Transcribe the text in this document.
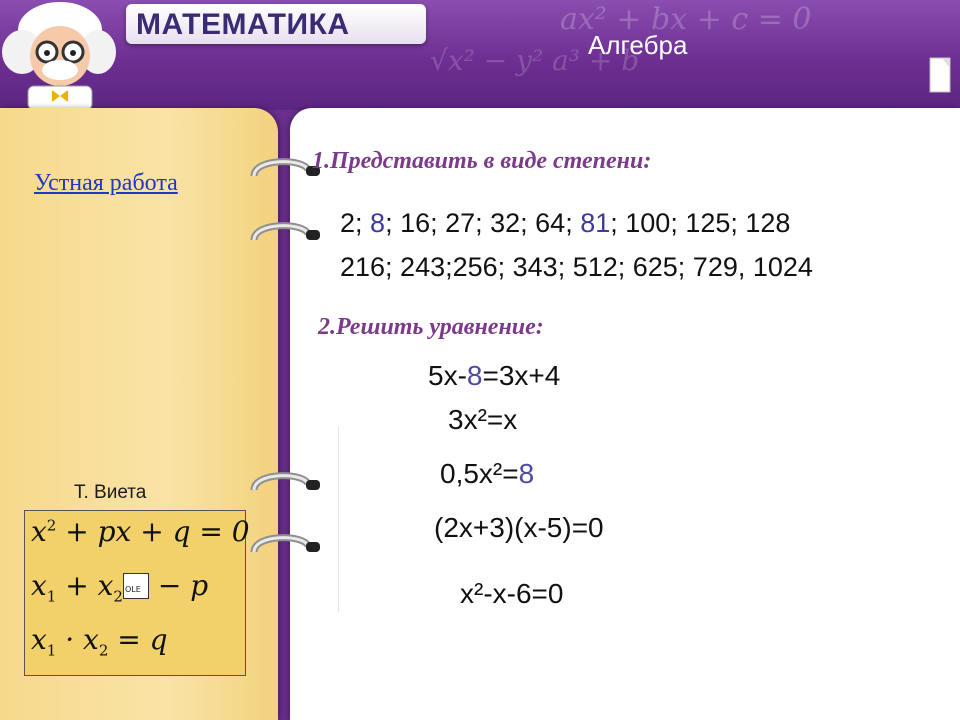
ax² + bx + c = 0
√x² − y² a³ + b
МАТЕМАТИКА
Алгебра
Устная работа
Т. Виета
$x^2$ + px + q = 0
$x_1 + x_2OLE - p$
$x_1 \cdot x_2 = q$
1.Представить в виде степени:
2; 8; 16; 27; 32; 64; 81; 100; 125; 128
216; 243;256; 343; 512; 625; 729, 1024
2.Решить уравнение:
5x-8=3x+4
3x²=x
0,5x²=8
(2x+3)(x-5)=0
x²-x-6=0
